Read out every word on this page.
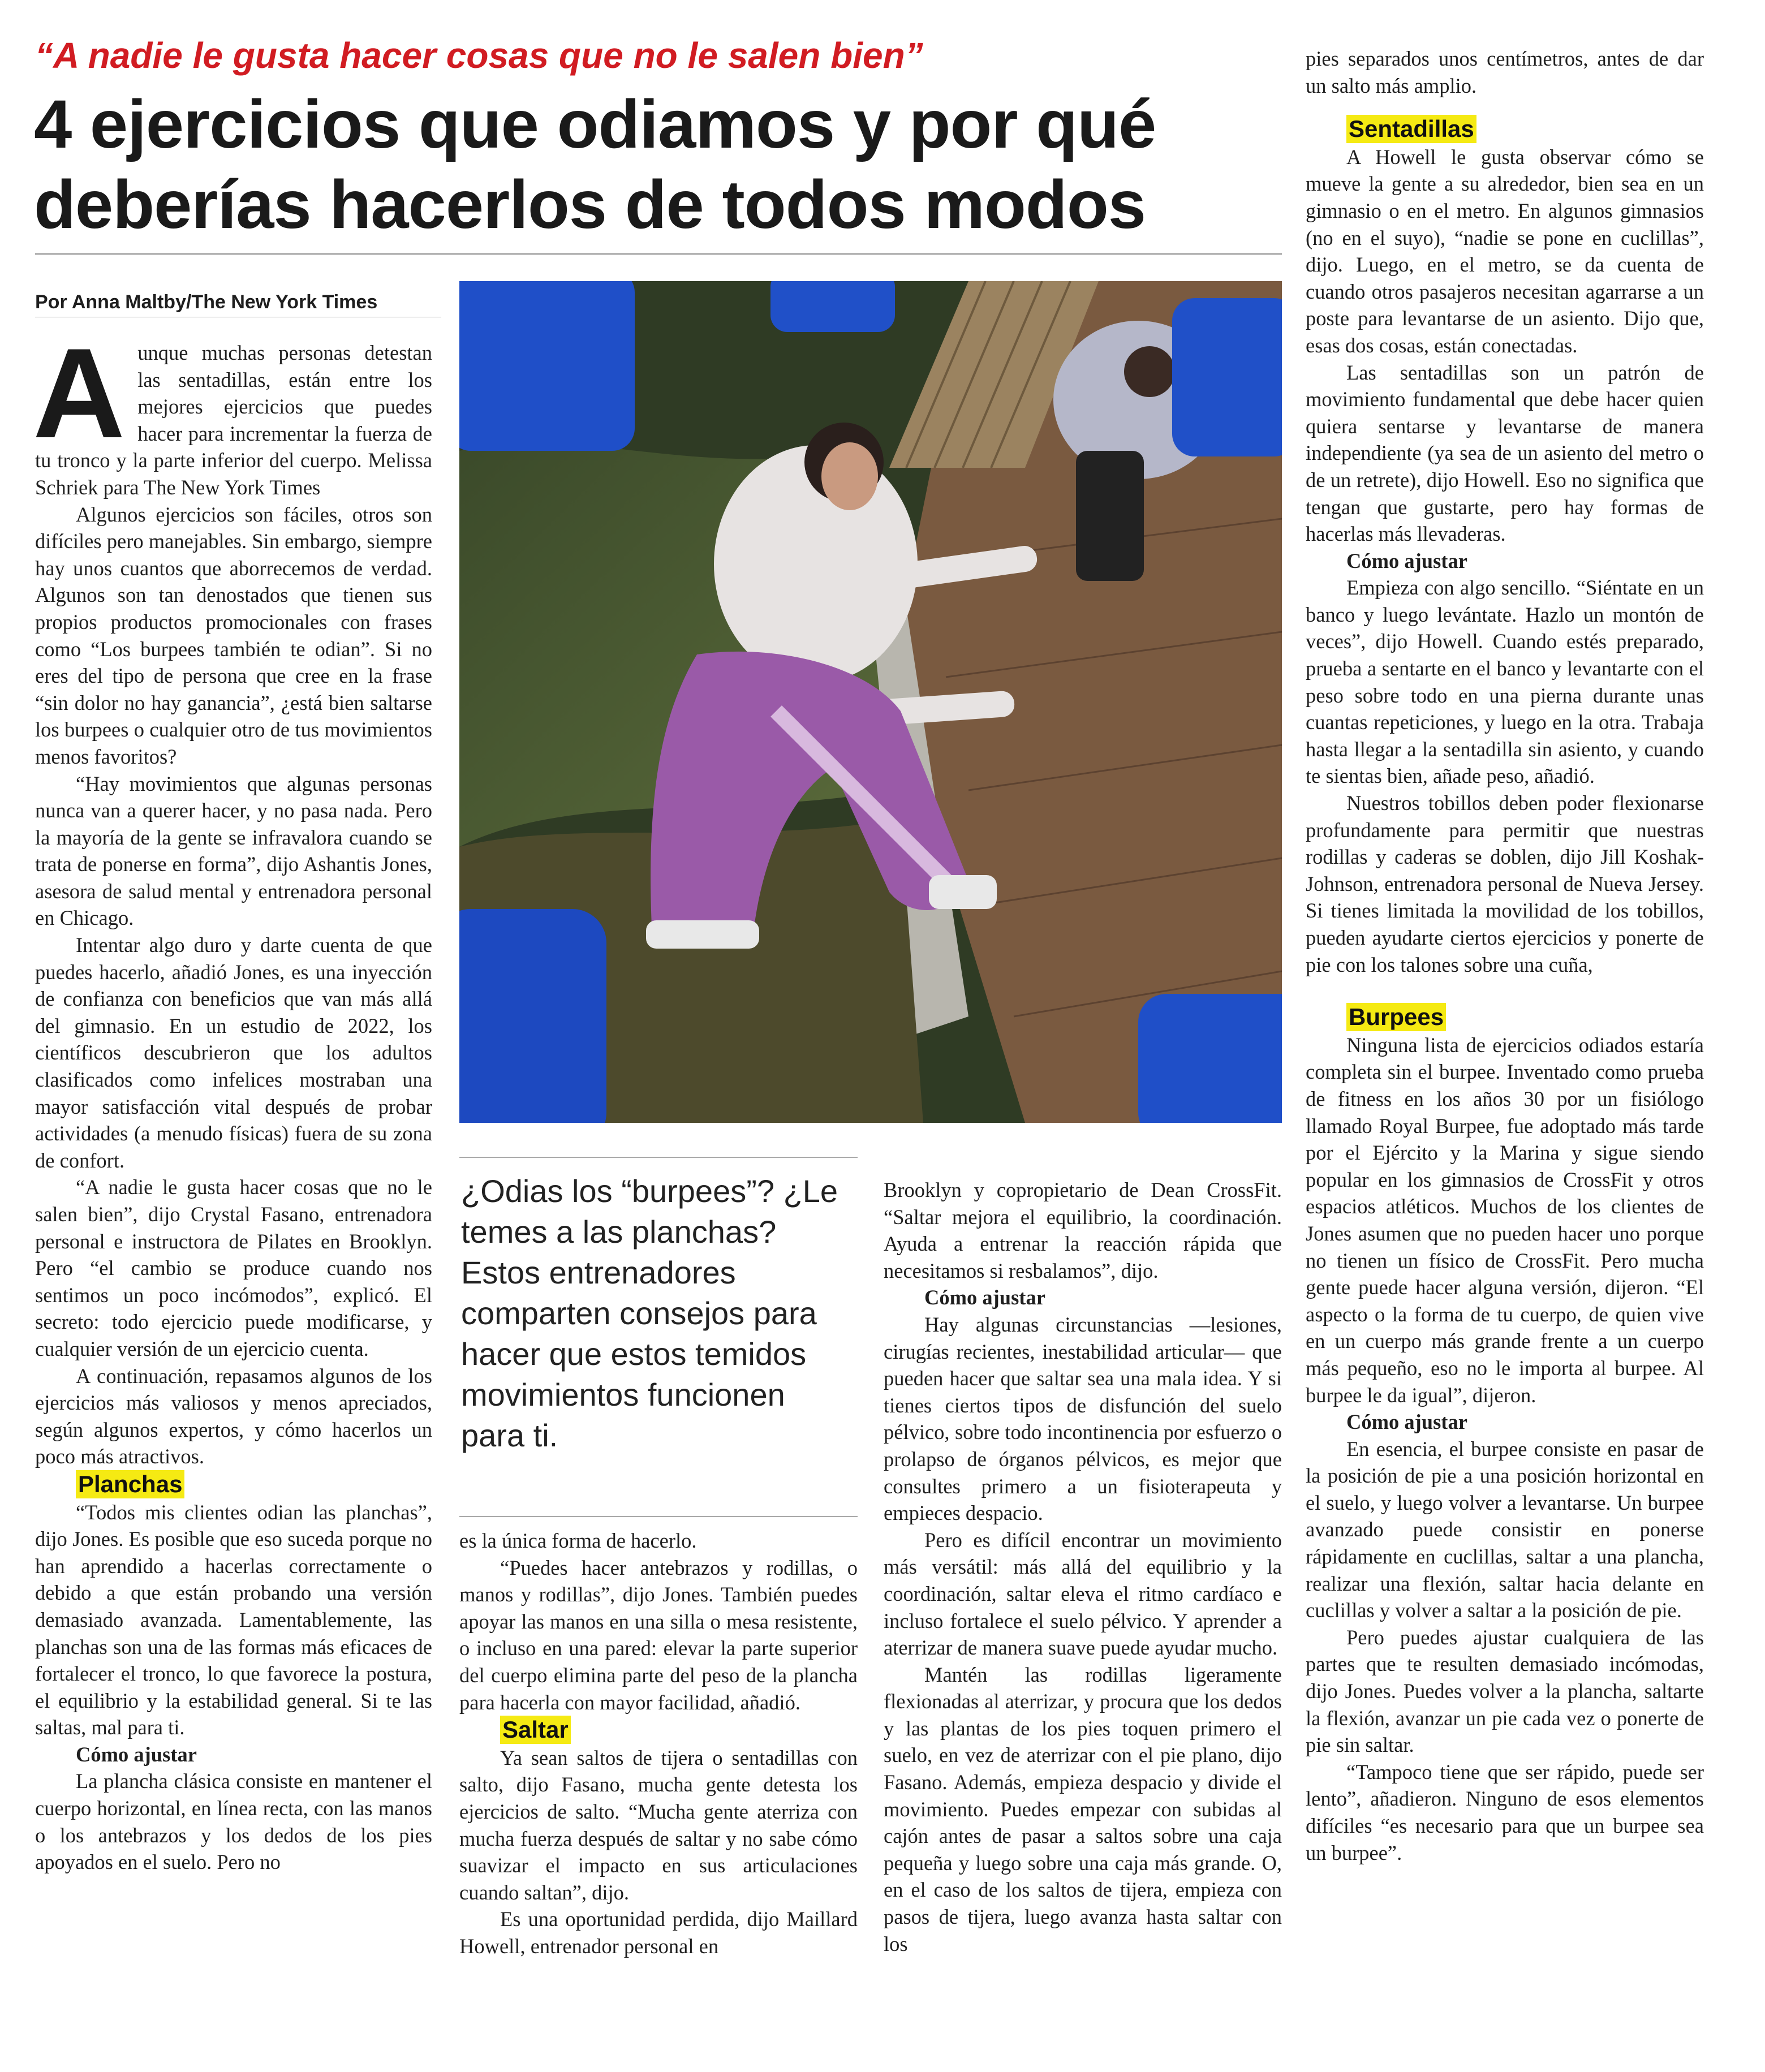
“A nadie le gusta hacer cosas que no le salen bien”
4 ejercicios que odiamos y por qué
deberías hacerlos de todos modos
Por Anna Maltby/The New York Times

Aunque muchas personas detestan las sentadillas, están entre los mejores ejercicios que puedes hacer para incrementar la fuerza de tu tronco y la parte inferior del cuerpo. Melissa Schriek para The New York Times

Algunos ejercicios son fáciles, otros son difíciles pero manejables. Sin embargo, siempre hay unos cuantos que aborrecemos de verdad. Algunos son tan denostados que tienen sus propios productos promocionales con frases como “Los burpees también te odian”. Si no eres del tipo de persona que cree en la frase “sin dolor no hay ganancia”, ¿está bien saltarse los burpees o cualquier otro de tus movimientos menos favoritos?

“Hay movimientos que algunas personas nunca van a querer hacer, y no pasa nada. Pero la mayoría de la gente se infravalora cuando se trata de ponerse en forma”, dijo Ashantis Jones, asesora de salud mental y entrenadora personal en Chicago.

Intentar algo duro y darte cuenta de que puedes hacerlo, añadió Jones, es una inyección de confianza con beneficios que van más allá del gimnasio. En un estudio de 2022, los científicos descubrieron que los adultos clasificados como infelices mostraban una mayor satisfacción vital después de probar actividades (a menudo físicas) fuera de su zona de confort.

“A nadie le gusta hacer cosas que no le salen bien”, dijo Crystal Fasano, entrenadora personal e instructora de Pilates en Brooklyn. Pero “el cambio se produce cuando nos sentimos un poco incómodos”, explicó. El secreto: todo ejercicio puede modificarse, y cualquier versión de un ejercicio cuenta.

A continuación, repasamos algunos de los ejercicios más valiosos y menos apreciados, según algunos expertos, y cómo hacerlos un poco más atractivos.

Planchas

“Todos mis clientes odian las planchas”, dijo Jones. Es posible que eso suceda porque no han aprendido a hacerlas correctamente o debido a que están probando una versión demasiado avanzada. Lamentablemente, las planchas son una de las formas más eficaces de fortalecer el tronco, lo que favorece la postura, el equilibrio y la estabilidad general. Si te las saltas, mal para ti.

Cómo ajustar

La plancha clásica consiste en mantener el cuerpo horizontal, en línea recta, con las manos o los antebrazos y los dedos de los pies apoyados en el suelo. Pero no

¿Odias los “burpees”? ¿Le temes a las planchas? Estos entrenadores comparten consejos para hacer que estos temidos movimientos funcionen para ti.

es la única forma de hacerlo.

“Puedes hacer antebrazos y rodillas, o manos y rodillas”, dijo Jones. También puedes apoyar las manos en una silla o mesa resistente, o incluso en una pared: elevar la parte superior del cuerpo elimina parte del peso de la plancha para hacerla con mayor facilidad, añadió.

Saltar

Ya sean saltos de tijera o sentadillas con salto, dijo Fasano, mucha gente detesta los ejercicios de salto. “Mucha gente aterriza con mucha fuerza después de saltar y no sabe cómo suavizar el impacto en sus articulaciones cuando saltan”, dijo.

Es una oportunidad perdida, dijo Maillard Howell, entrenador personal en

Brooklyn y copropietario de Dean CrossFit. “Saltar mejora el equilibrio, la coordinación. Ayuda a entrenar la reacción rápida que necesitamos si resbalamos”, dijo.

Cómo ajustar

Hay algunas circunstancias —lesiones, cirugías recientes, inestabilidad articular— que pueden hacer que saltar sea una mala idea. Y si tienes ciertos tipos de disfunción del suelo pélvico, sobre todo incontinencia por esfuerzo o prolapso de órganos pélvicos, es mejor que consultes primero a un fisioterapeuta y empieces despacio.

Pero es difícil encontrar un movimiento más versátil: más allá del equilibrio y la coordinación, saltar eleva el ritmo cardíaco e incluso fortalece el suelo pélvico. Y aprender a aterrizar de manera suave puede ayudar mucho.

Mantén las rodillas ligeramente flexionadas al aterrizar, y procura que los dedos y las plantas de los pies toquen primero el suelo, en vez de aterrizar con el pie plano, dijo Fasano. Además, empieza despacio y divide el movimiento. Puedes empezar con subidas al cajón antes de pasar a saltos sobre una caja pequeña y luego sobre una caja más grande. O, en el caso de los saltos de tijera, empieza con pasos de tijera, luego avanza hasta saltar con los

pies separados unos centímetros, antes de dar un salto más amplio.

Sentadillas

A Howell le gusta observar cómo se mueve la gente a su alrededor, bien sea en un gimnasio o en el metro. En algunos gimnasios (no en el suyo), “nadie se pone en cuclillas”, dijo. Luego, en el metro, se da cuenta de cuando otros pasajeros necesitan agarrarse a un poste para levantarse de un asiento. Dijo que, esas dos cosas, están conectadas.

Las sentadillas son un patrón de movimiento fundamental que debe hacer quien quiera sentarse y levantarse de manera independiente (ya sea de un asiento del metro o de un retrete), dijo Howell. Eso no significa que tengan que gustarte, pero hay formas de hacerlas más llevaderas.

Cómo ajustar

Empieza con algo sencillo. “Siéntate en un banco y luego levántate. Hazlo un montón de veces”, dijo Howell. Cuando estés preparado, prueba a sentarte en el banco y levantarte con el peso sobre todo en una pierna durante unas cuantas repeticiones, y luego en la otra. Trabaja hasta llegar a la sentadilla sin asiento, y cuando te sientas bien, añade peso, añadió.

Nuestros tobillos deben poder flexionarse profundamente para permitir que nuestras rodillas y caderas se doblen, dijo Jill Koshak-Johnson, entrenadora personal de Nueva Jersey. Si tienes limitada la movilidad de los tobillos, pueden ayudarte ciertos ejercicios y ponerte de pie con los talones sobre una cuña,

Burpees

Ninguna lista de ejercicios odiados estaría completa sin el burpee. Inventado como prueba de fitness en los años 30 por un fisiólogo llamado Royal Burpee, fue adoptado más tarde por el Ejército y la Marina y sigue siendo popular en los gimnasios de CrossFit y otros espacios atléticos. Muchos de los clientes de Jones asumen que no pueden hacer uno porque no tienen un físico de CrossFit. Pero mucha gente puede hacer alguna versión, dijeron. “El aspecto o la forma de tu cuerpo, de quien vive en un cuerpo más grande frente a un cuerpo más pequeño, eso no le importa al burpee. Al burpee le da igual”, dijeron.

Cómo ajustar

En esencia, el burpee consiste en pasar de la posición de pie a una posición horizontal en el suelo, y luego volver a levantarse. Un burpee avanzado puede consistir en ponerse rápidamente en cuclillas, saltar a una plancha, realizar una flexión, saltar hacia delante en cuclillas y volver a saltar a la posición de pie.

Pero puedes ajustar cualquiera de las partes que te resulten demasiado incómodas, dijo Jones. Puedes volver a la plancha, saltarte la flexión, avanzar un pie cada vez o ponerte de pie sin saltar.

“Tampoco tiene que ser rápido, puede ser lento”, añadieron. Ninguno de esos elementos difíciles “es necesario para que un burpee sea un burpee”.
